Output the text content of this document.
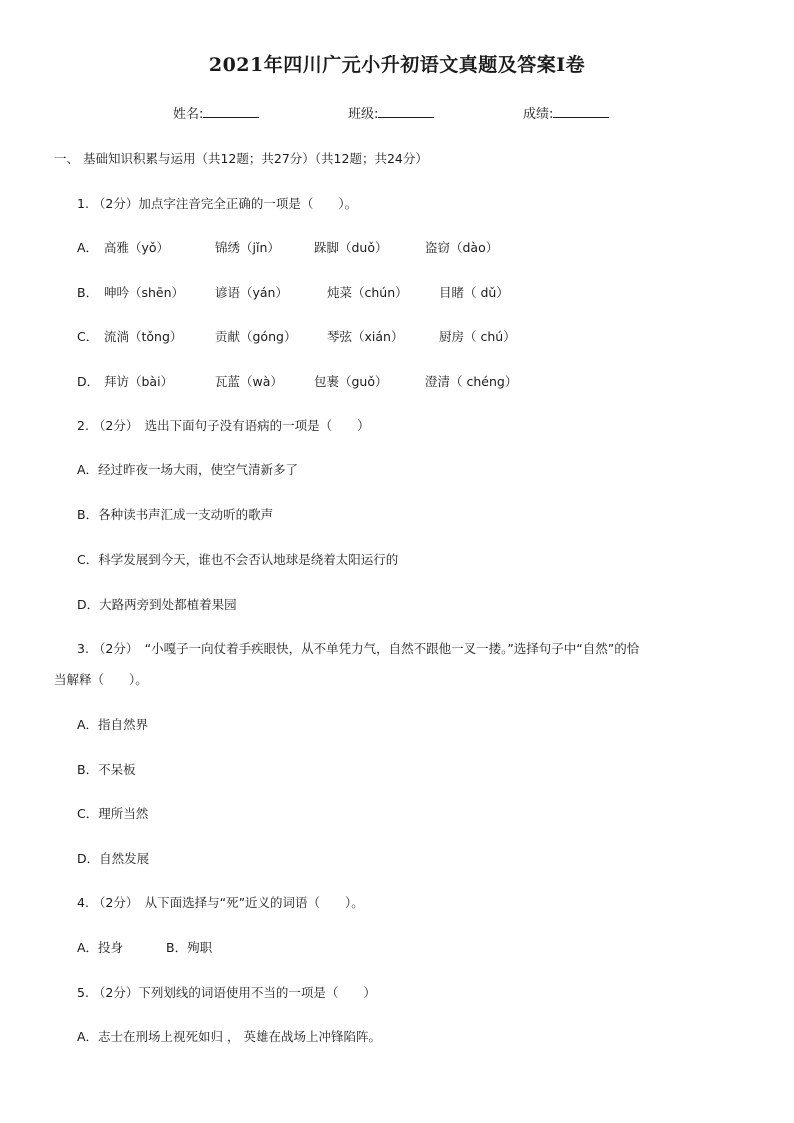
2021年四川广元小升初语文真题及答案Ⅰ卷
姓名:	班级:	成绩:
一、 基础知识积累与运用（共12题；共27分）（共12题；共24分）
1. （2分）加点字注音完全正确的一项是（　　）。
A． 高雅（yǒ）	锦绣（jǐn）	跺脚（duǒ）	盗窃（dào）
B． 呻吟（shēn） 谚语（yán）	炖菜（chún）	目睹（ dǔ）
C． 流淌（tǒng）	贡献（góng） 琴弦（xián）	厨房（ chú）
D． 拜访（bài）	瓦蓝（wà） 包裹（guǒ）	澄清（ chéng）
2. （2分）　选出下面句子没有语病的一项是（　　）
A．经过昨夜一场大雨，使空气清新多了
B．各种读书声汇成一支动听的歌声
C．科学发展到今天，谁也不会否认地球是绕着太阳运行的
D．大路两旁到处都植着果园
3. （2分）　“小嘎子一向仗着手疾眼快，从不单凭力气，自然不跟他一叉一搂。”选择句子中“自然”的恰
当解释（　　）。
A．指自然界
B．不呆板
C．理所当然
D．自然发展
4. （2分）　从下面选择与“死”近义的词语（　　）。
A．投身	B．殉职
5. （2分）下列划线的词语使用不当的一项是（　　）
A．志士在刑场上视死如归 ， 英雄在战场上冲锋陷阵。
